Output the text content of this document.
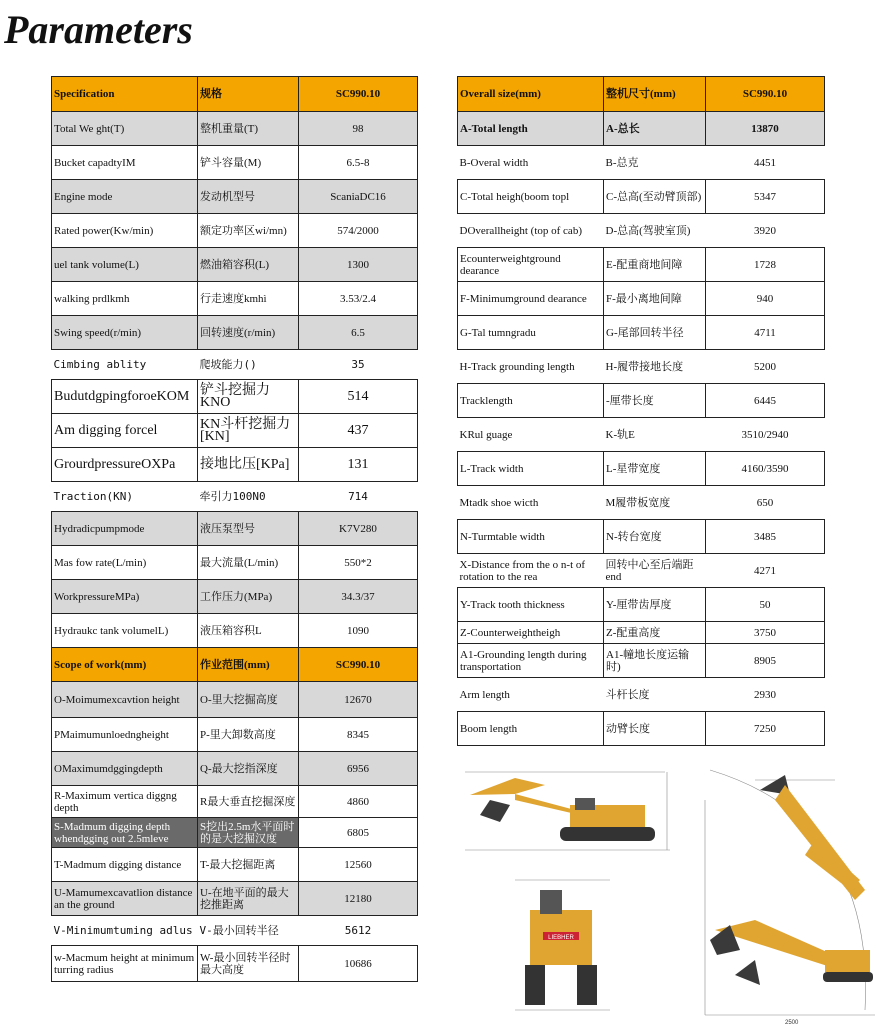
Parameters
Specification	规格	SC990.10
Total We ght(T)	整机重量(T)	98
Bucket capadtyIM	铲斗容量(M)	6.5-8
Engine mode	发动机型号	ScaniaDC16
Rated power(Kw/min)	额定功率区wi/mn)	574/2000
uel tank volume(L)	燃油箱容积(L)	1300
walking prdlkmh	行走速度kmhì	3.53/2.4
Swing speed(r/min)	回转速度(r/min)	6.5
Cimbing ablity	爬坡能力()	35
BudutdgpingforoeKOM	铲斗挖掘力KNO	514
Am digging forcel	KN斗杆挖掘力[KN]	437
GrourdpressureOXPa	接地比压[KPa]	131
Traction(KN)	牵引力100N0	714
Hydradicpumpmode	液压泵型号	K7V280
Mas fow rate(L/min)	最大流量(L/min)	550*2
WorkpressureMPa)	工作压力(MPa)	34.3/37
Hydraukc tank volumelL)	液压箱容积L	1090
Scope of work(mm)	作业范围(mm)	SC990.10
O-Moimumexcavtion height	O-里大挖掘高度	12670
PMaimumunloedngheight	P-里大卸数高度	8345
OMaximumdggingdepth	Q-最大挖指深度	6956
R-Maximum vertica diggng depth	R最大垂直挖掘深度	4860
S-Madmum digging depth whendgging out 2.5mleve	S挖出2.5m水平面时的是大挖掘汉度	6805
T-Madmum digging distance	T-最大挖掘距离	12560
U-Mamumexcavatlion distance an the ground	U-在地平面的最大挖推距离	12180
V-Minimumtuming adlus	V-最小回转半径	5612
w-Macmum height at minimum turring radius	W-最小回转半径时最大高度	10686
Overall size(mm)	整机尺寸(mm)	SC990.10
A-Total length	A-总长	13870
B-Overal width	B-总克	4451
C-Total heigh(boom topl	C-总高(至动臂顶部)	5347
DOverallheight (top of cab)	D-总高(驾驶室顶)	3920
Ecounterweightground dearance	E-配重商地间障	1728
F-Minimumground dearance	F-最小离地间障	940
G-Tal tumngradu	G-尾部回转半径	4711
H-Track grounding length	H-履带接地长度	5200
Tracklength	-厘带长度	6445
KRul guage	K-轨E	3510/2940
L-Track width	L-星带宽度	4160/3590
Mtadk shoe wicth	M履带板宽度	650
N-Turmtable width	N-转台宽度	3485
X-Distance from the o n-t of rotation to the rea	回转中心至后端距end	4271
Y-Track tooth thickness	Y-厘带齿厚度	50
Z-Counterweightheigh	Z-配重高度	3750
A1-Grounding length during transportation	A1-幢地长度运输时)	8905
Arm length	斗杆长度	2930
Boom length	动臂长度	7250
LIEBHER
2500
